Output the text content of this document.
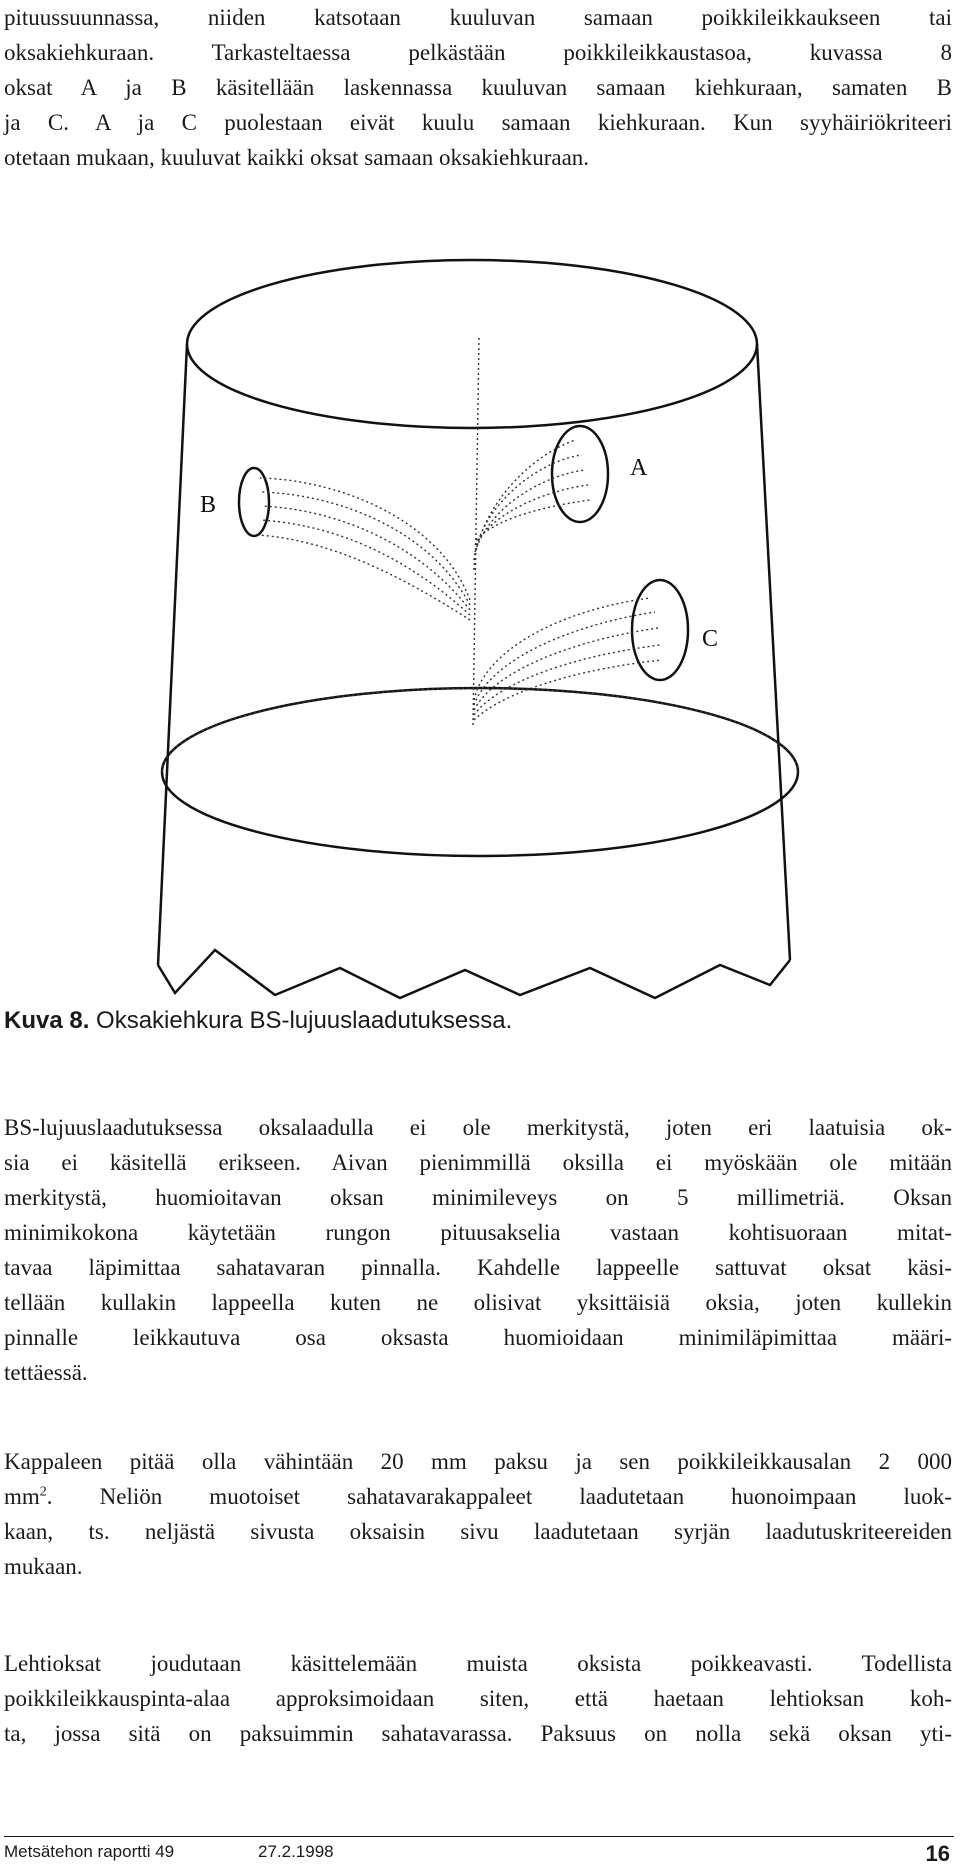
pituussuunnassa, niiden katsotaan kuuluvan samaan poikkileikkaukseen tai
oksakiehkuraan. Tarkasteltaessa pelkästään poikkileikkaustasoa, kuvassa 8
oksat A ja B käsitellään laskennassa kuuluvan samaan kiehkuraan, samaten B
ja C. A ja C puolestaan eivät kuulu samaan kiehkuraan. Kun syyhäiriökriteeri
otetaan mukaan, kuuluvat kaikki oksat samaan oksakiehkuraan.
A
B
C

Kuva 8. Oksakiehkura BS-lujuuslaadutuksessa.

BS-lujuuslaadutuksessa oksalaadulla ei ole merkitystä, joten eri laatuisia ok-
sia ei käsitellä erikseen. Aivan pienimmillä oksilla ei myöskään ole mitään
merkitystä, huomioitavan oksan minimileveys on 5 millimetriä. Oksan
minimikokona käytetään rungon pituusakselia vastaan kohtisuoraan mitat-
tavaa läpimittaa sahatavaran pinnalla. Kahdelle lappeelle sattuvat oksat käsi-
tellään kullakin lappeella kuten ne olisivat yksittäisiä oksia, joten kullekin
pinnalle leikkautuva osa oksasta huomioidaan minimiläpimittaa määri-
tettäessä.
Kappaleen pitää olla vähintään 20 mm paksu ja sen poikkileikkausalan 2 000
$mm^2$. Neliön muotoiset sahatavarakappaleet laadutetaan huonoimpaan luok-
kaan, ts. neljästä sivusta oksaisin sivu laadutetaan syrjän laadutuskriteereiden
mukaan.
Lehtioksat joudutaan käsittelemään muista oksista poikkeavasti. Todellista
poikkileikkauspinta-alaa approksimoidaan siten, että haetaan lehtioksan koh-
ta, jossa sitä on paksuimmin sahatavarassa. Paksuus on nolla sekä oksan yti-
Metsätehon raportti 49	27.2.1998	16
